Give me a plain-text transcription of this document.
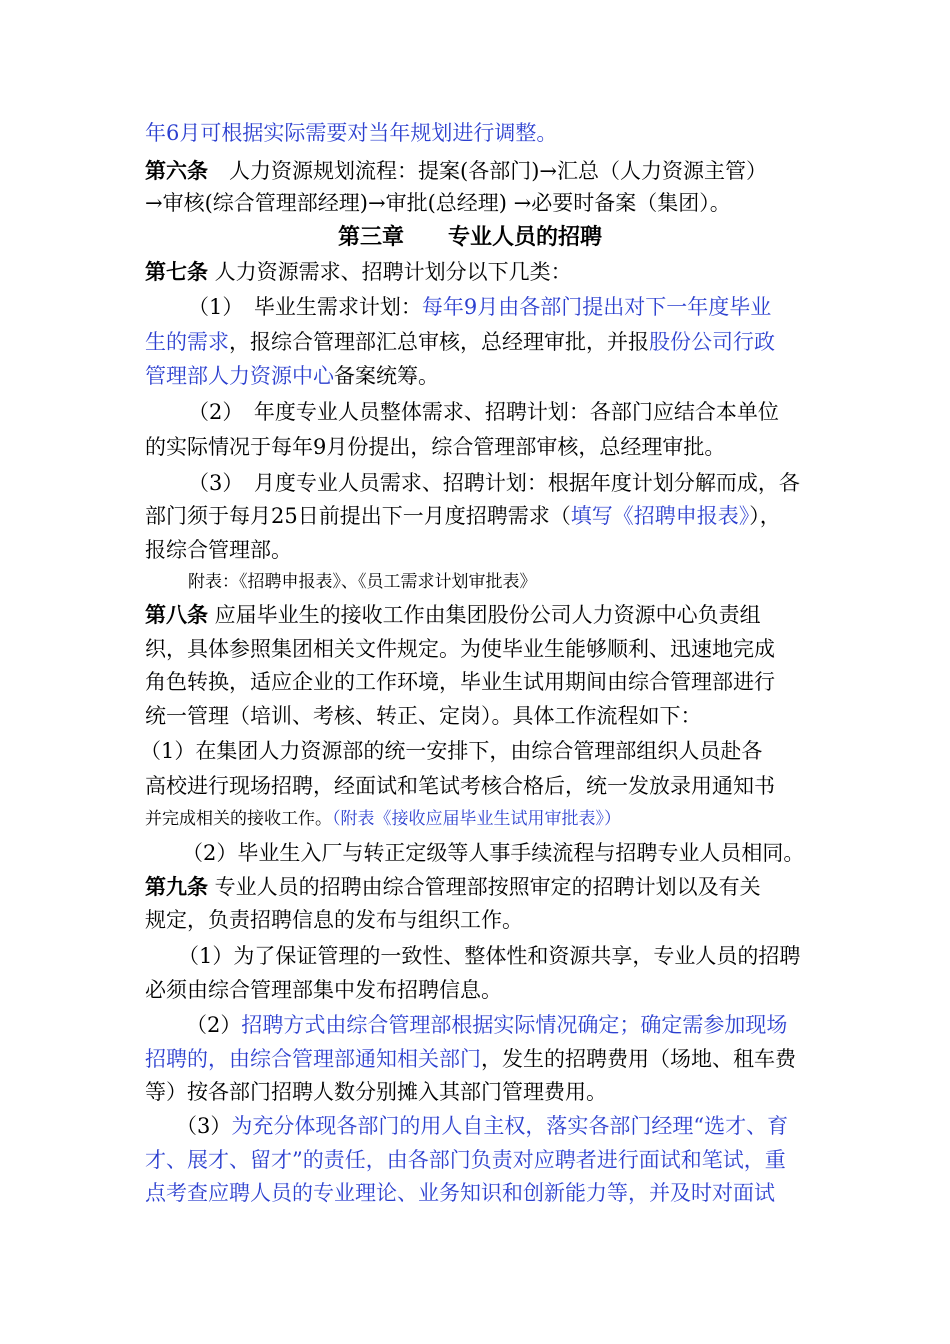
年6月可根据实际需要对当年规划进行调整。
第六条　人力资源规划流程：提案(各部门)→汇总（人力资源主管）
→审核(综合管理部经理)→审批(总经理) →必要时备案（集团）。
第三章　　专业人员的招聘
第七条 人力资源需求、招聘计划分以下几类：
（1）　毕业生需求计划：每年9月由各部门提出对下一年度毕业
生的需求，报综合管理部汇总审核，总经理审批，并报股份公司行政
管理部人力资源中心备案统筹。
（2）　年度专业人员整体需求、招聘计划：各部门应结合本单位
的实际情况于每年9月份提出，综合管理部审核，总经理审批。
（3）　月度专业人员需求、招聘计划：根据年度计划分解而成，各
部门须于每月25日前提出下一月度招聘需求（填写《招聘申报表》），
报综合管理部。
附表：《招聘申报表》、《员工需求计划审批表》
第八条 应届毕业生的接收工作由集团股份公司人力资源中心负责组
织，具体参照集团相关文件规定。为使毕业生能够顺利、迅速地完成
角色转换，适应企业的工作环境，毕业生试用期间由综合管理部进行
统一管理（培训、考核、转正、定岗）。具体工作流程如下：
（1）在集团人力资源部的统一安排下，由综合管理部组织人员赴各
高校进行现场招聘，经面试和笔试考核合格后，统一发放录用通知书
并完成相关的接收工作。（附表《接收应届毕业生试用审批表》）
（2）毕业生入厂与转正定级等人事手续流程与招聘专业人员相同。
第九条 专业人员的招聘由综合管理部按照审定的招聘计划以及有关
规定，负责招聘信息的发布与组织工作。
（1）为了保证管理的一致性、整体性和资源共享，专业人员的招聘
必须由综合管理部集中发布招聘信息。
（2）招聘方式由综合管理部根据实际情况确定；确定需参加现场
招聘的，由综合管理部通知相关部门，发生的招聘费用（场地、租车费
等）按各部门招聘人数分别摊入其部门管理费用。
（3）为充分体现各部门的用人自主权，落实各部门经理“选才、育
才、展才、留才”的责任，由各部门负责对应聘者进行面试和笔试，重
点考查应聘人员的专业理论、业务知识和创新能力等，并及时对面试
